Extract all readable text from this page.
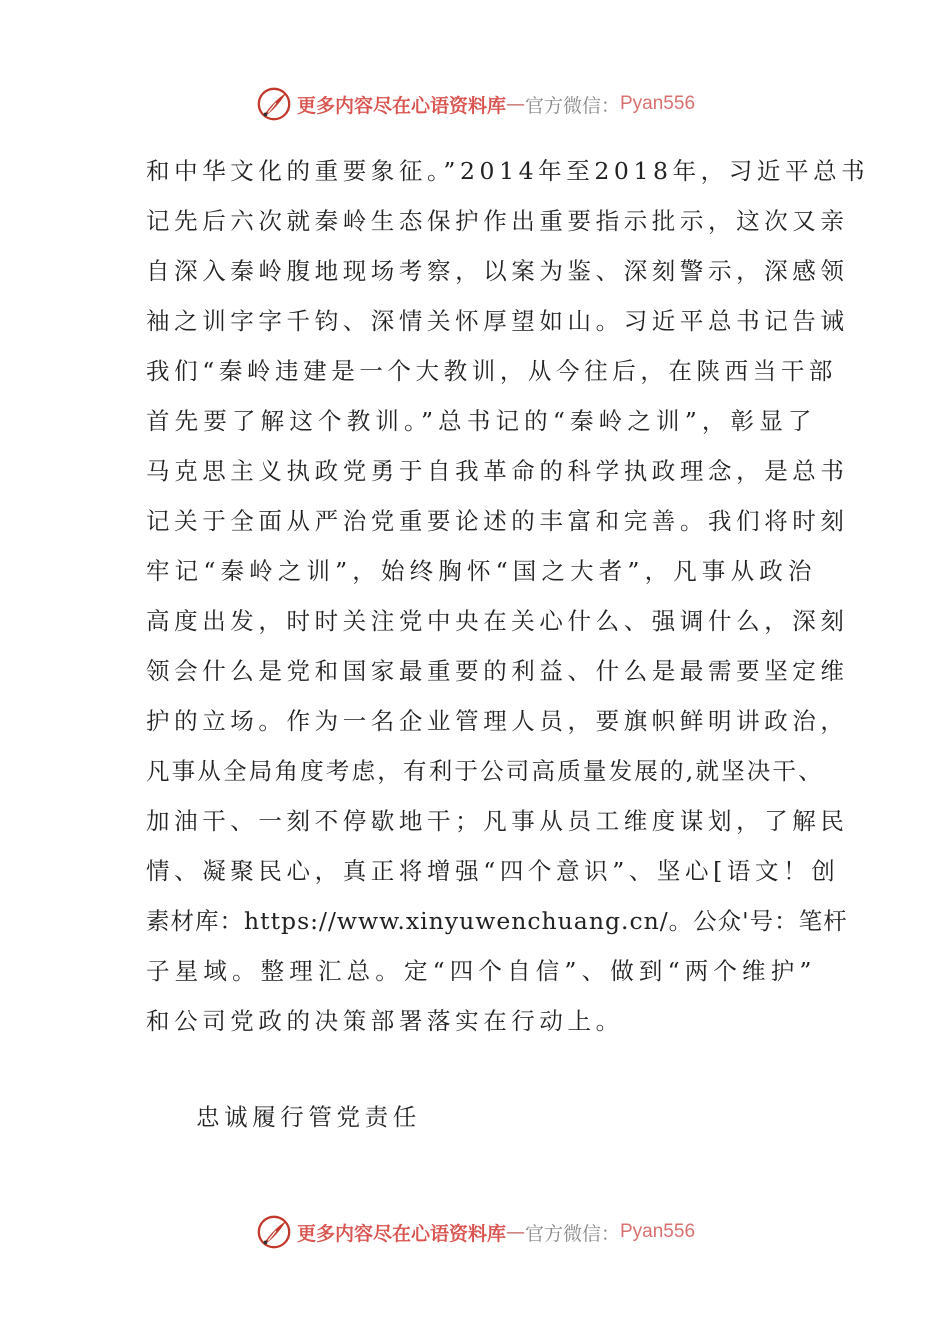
更多内容尽在心语资料库 — 官方微信： Pyan556
和中华文化的重要象征。”2014年至2018年，习近平总书
记先后六次就秦岭生态保护作出重要指示批示，这次又亲
自深入秦岭腹地现场考察，以案为鉴、深刻警示，深感领
袖之训字字千钧、深情关怀厚望如山。习近平总书记告诫
我们“秦岭违建是一个大教训，从今往后，在陕西当干部
首先要了解这个教训。”总书记的“秦岭之训”，彰显了
马克思主义执政党勇于自我革命的科学执政理念，是总书
记关于全面从严治党重要论述的丰富和完善。我们将时刻
牢记“秦岭之训”，始终胸怀“国之大者”，凡事从政治
高度出发，时时关注党中央在关心什么、强调什么，深刻
领会什么是党和国家最重要的利益、什么是最需要坚定维
护的立场。作为一名企业管理人员，要旗帜鲜明讲政治，
凡事从全局角度考虑，有利于公司高质量发展的,就坚决干、
加油干、一刻不停歇地干；凡事从员工维度谋划，了解民
情、凝聚民心，真正将增强“四个意识”、坚心[语文！创
素材库：https://www.xinyuwenchuang.cn/。公众'号：笔杆
子星域。整理汇总。定“四个自信”、做到“两个维护”
和公司党政的决策部署落实在行动上。
忠诚履行管党责任
更多内容尽在心语资料库 — 官方微信： Pyan556
